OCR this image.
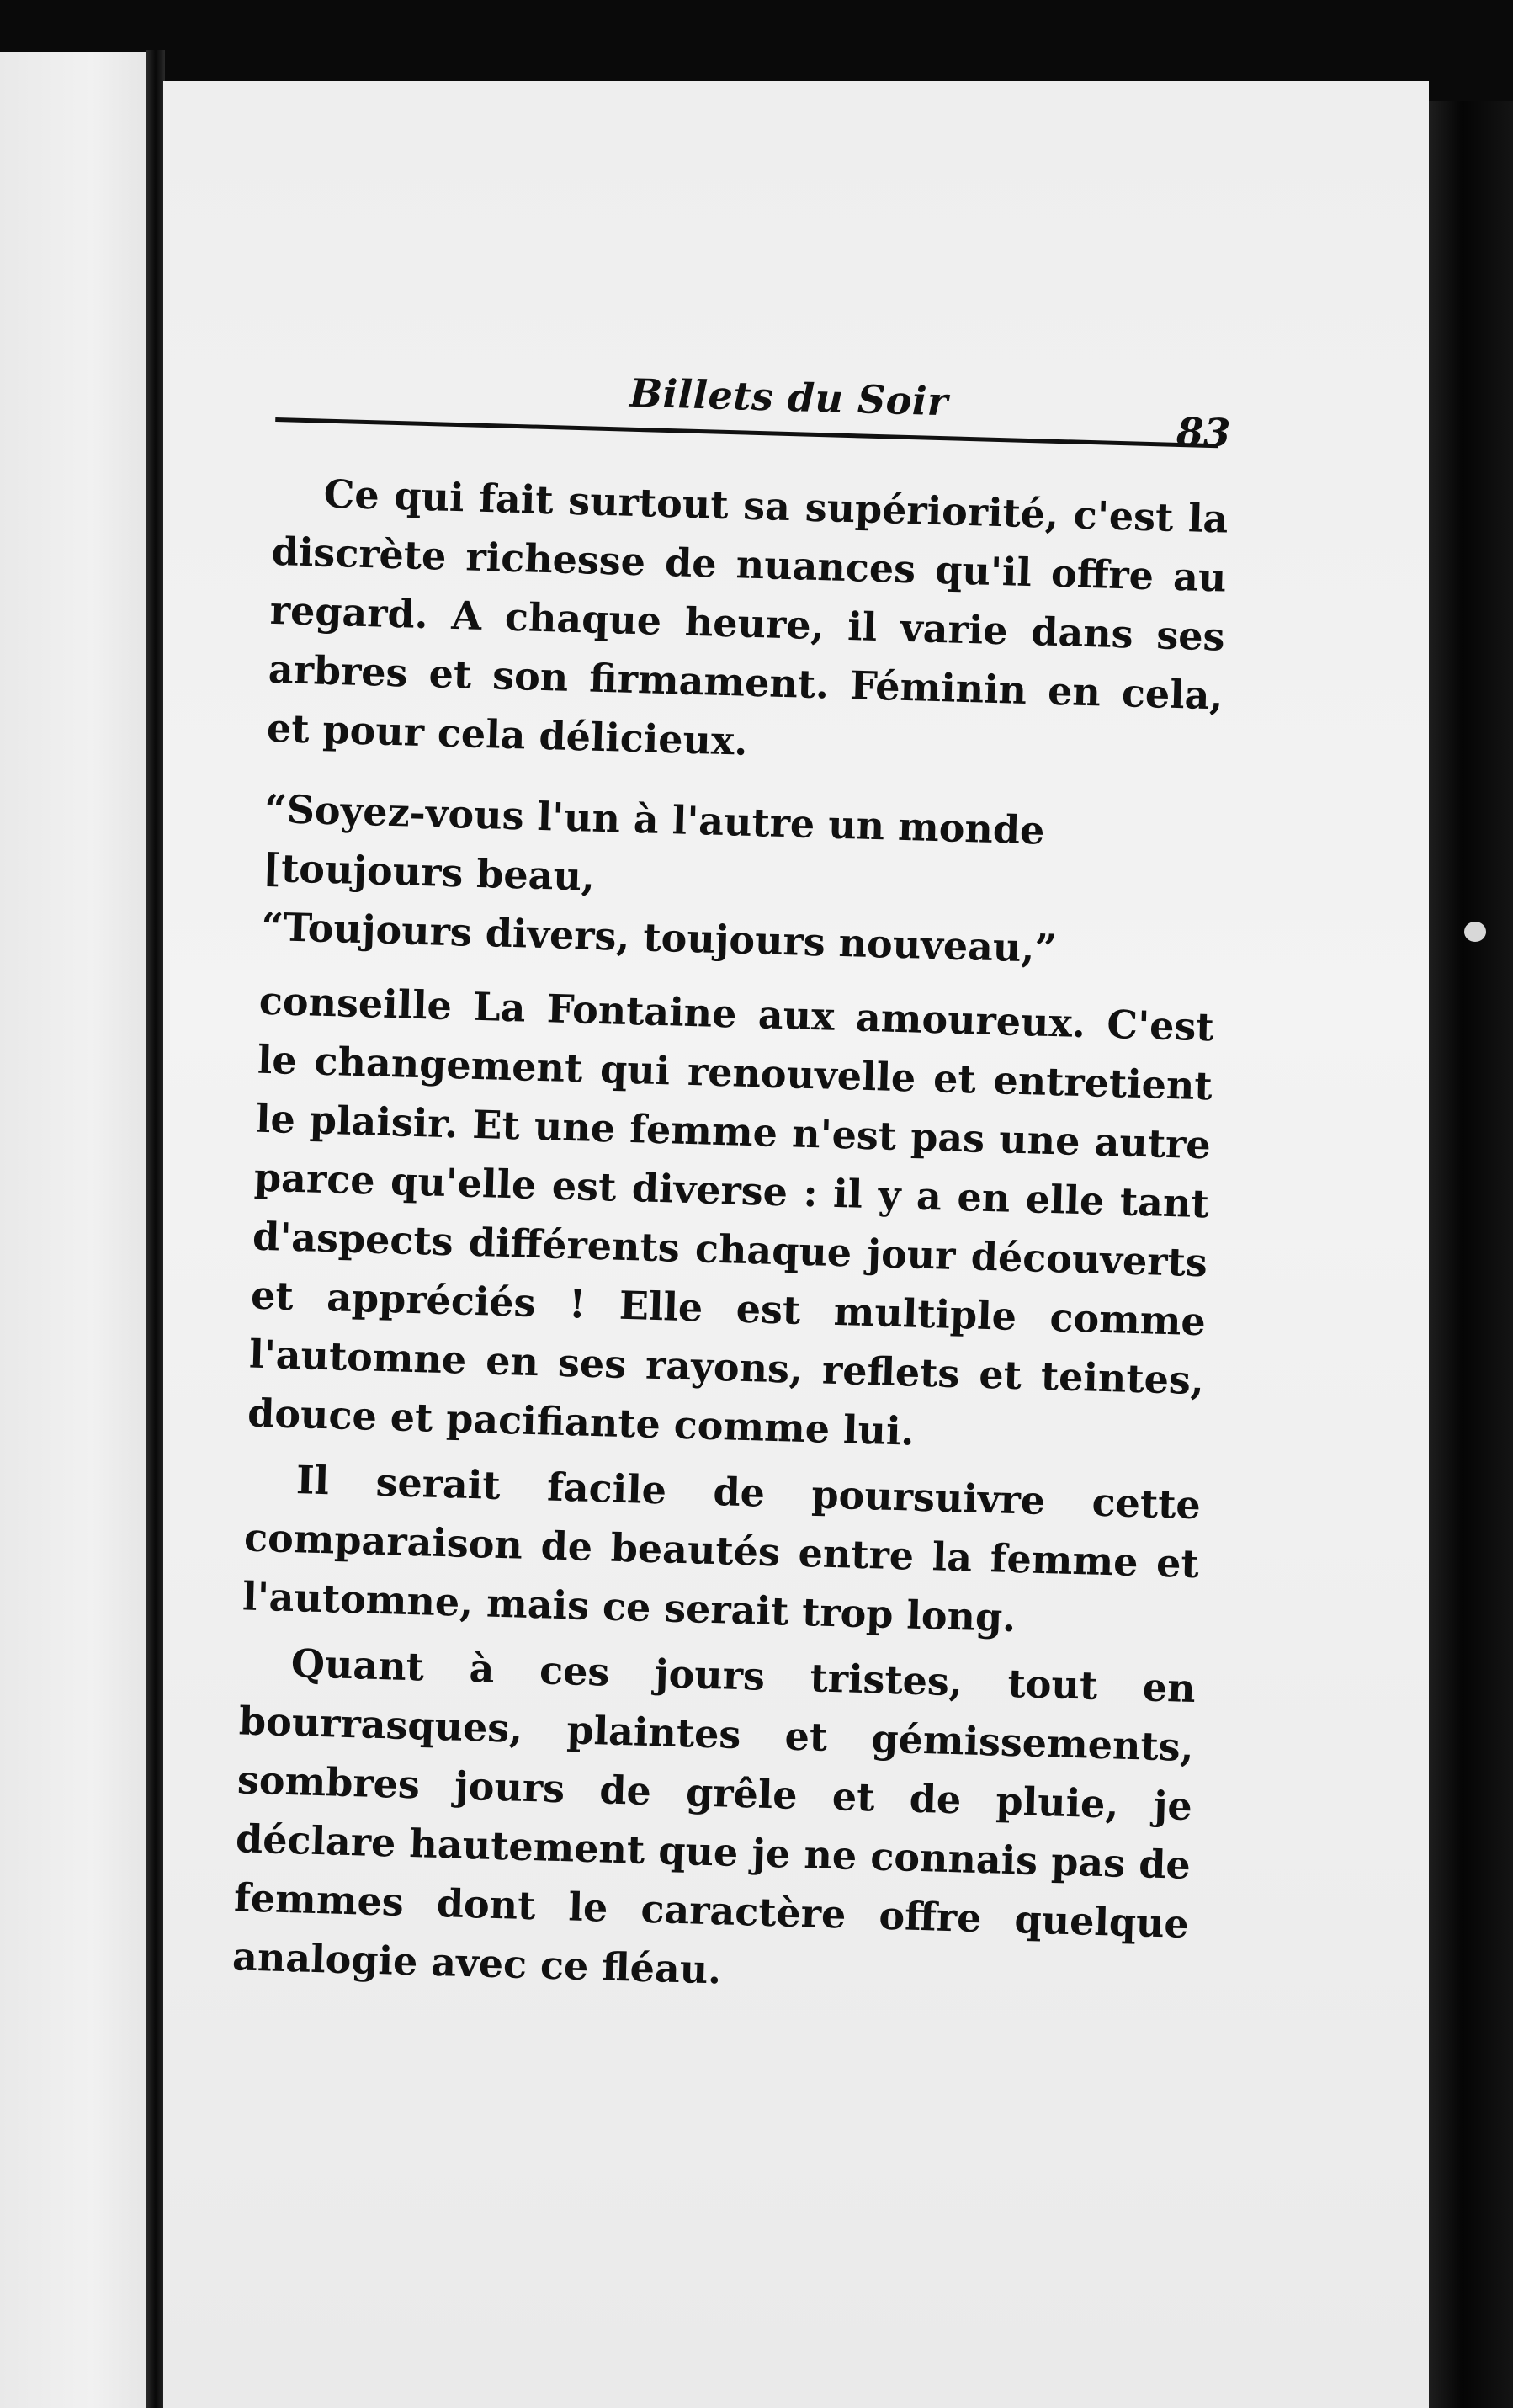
Billets du Soir
83

Ce qui fait surtout sa supériorité, c'est la discrète richesse de nuances qu'il offre au regard. A chaque heure, il varie dans ses arbres et son firmament. Féminin en cela, et pour cela délicieux.

“Soyez-vous l'un à l'autre un monde
[toujours beau,
“Toujours divers, toujours nouveau,”

conseille La Fontaine aux amoureux. C'est le changement qui renouvelle et entretient le plaisir. Et une femme n'est pas une autre parce qu'elle est diverse : il y a en elle tant d'aspects différents chaque jour découverts et appréciés ! Elle est multiple comme l'automne en ses rayons, reflets et teintes, douce et pacifiante comme lui.

Il serait facile de poursuivre cette comparaison de beautés entre la femme et l'automne, mais ce serait trop long.

Quant à ces jours tristes, tout en bourrasques, plaintes et gémissements, sombres jours de grêle et de pluie, je déclare hautement que je ne connais pas de femmes dont le caractère offre quelque analogie avec ce fléau.
